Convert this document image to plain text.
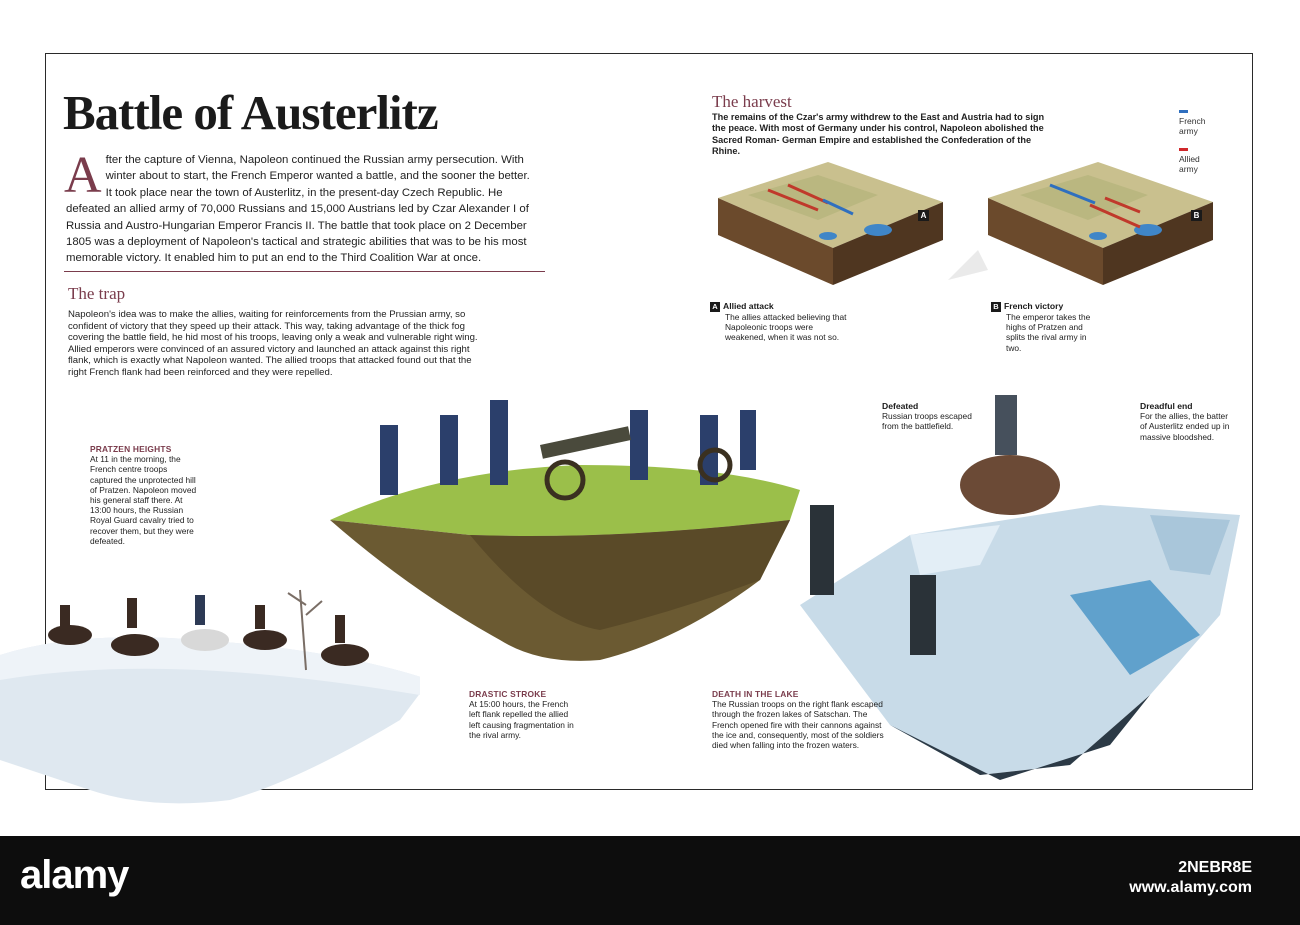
Battle of Austerlitz
A fter the capture of Vienna, Napoleon continued the Russian army persecution. With winter about to start, the French Emperor wanted a battle, and the sooner the better. It took place near the town of Austerlitz, in the present-day Czech Republic. He defeated an allied army of 70,000 Russians and 15,000 Austrians led by Czar Alexander I of Russia and Austro-Hungarian Emperor Francis II. The battle that took place on 2 December 1805 was a deployment of Napoleon's tactical and strategic abilities that was to be his most memorable victory. It enabled him to put an end to the Third Coalition War at once.
The trap
Napoleon's idea was to make the allies, waiting for reinforcements from the Prussian army, so confident of victory that they speed up their attack. This way, taking advantage of the thick fog covering the battle field, he hid most of his troops, leaving only a weak and vulnerable right wing. Allied emperors were convinced of an assured victory and launched an attack against this right flank, which is exactly what Napoleon wanted. The allied troops that attacked found out that the right French flank had been reinforced and they were repelled.
The harvest
The remains of the Czar's army withdrew to the East and Austria had to sign the peace. With most of Germany under his control, Napoleon abolished the Sacred Roman- German Empire and established the Confederation of the Rhine.
French army
Allied army
A	B
A Allied attack
The allies attacked believing that Napoleonic troops were weakened, when it was not so.
B French victory
The emperor takes the highs of Pratzen and splits the rival army in two.
PRATZEN HEIGHTS
At 11 in the morning, the French centre troops captured the unprotected hill of Pratzen. Napoleon moved his general staff there. At 13:00 hours, the Russian Royal Guard cavalry tried to recover them, but they were defeated.
DRASTIC STROKE
At 15:00 hours, the French left flank repelled the allied left causing fragmentation in the rival army.
DEATH IN THE LAKE
The Russian troops on the right flank escaped through the frozen lakes of Satschan. The French opened fire with their cannons against the ice and, consequently, most of the soldiers died when falling into the frozen waters.
Defeated
Russian troops escaped from the battlefield.
Dreadful end
For the allies, the batter of Austerlitz ended up in massive bloodshed.
alamy	2NEBR8E
www.alamy.com
